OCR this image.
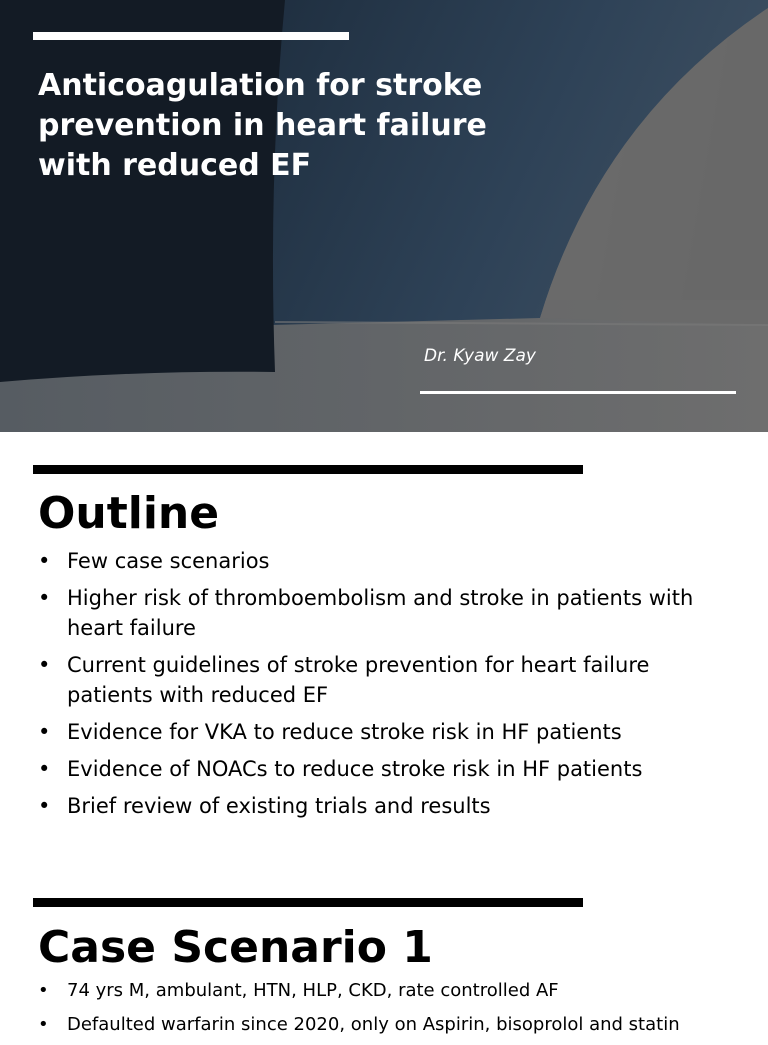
Anticoagulation for stroke prevention in heart failure with reduced EF

Dr. Kyaw Zay

Outline
• Few case scenarios
• Higher risk of thromboembolism and stroke in patients with heart failure
• Current guidelines of stroke prevention for heart failure patients with reduced EF
• Evidence for VKA to reduce stroke risk in HF patients
• Evidence of NOACs to reduce stroke risk in HF patients
• Brief review of existing trials and results
Case Scenario 1
•	74 yrs M, ambulant, HTN, HLP, CKD, rate controlled AF
•	Defaulted warfarin since 2020, only on Aspirin, bisoprolol and statin
